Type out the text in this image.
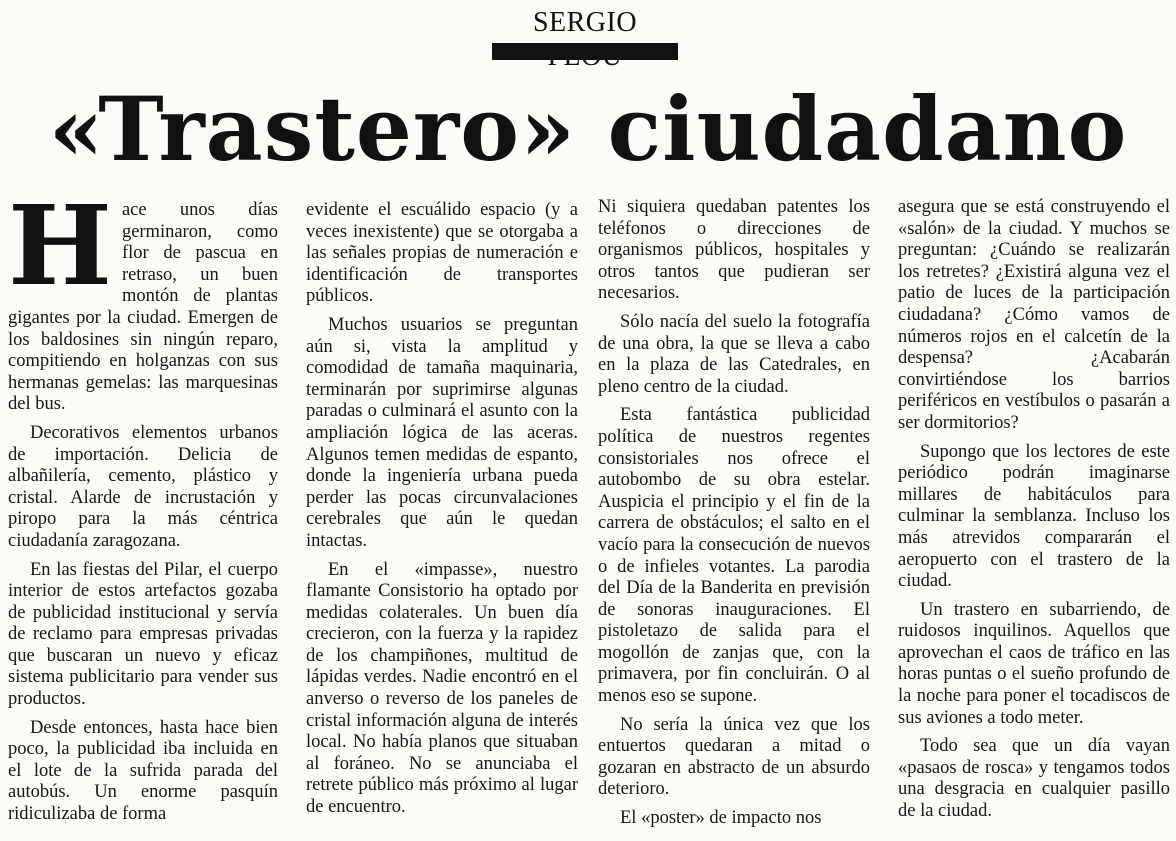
SERGIO
«Trastero» ciudadano

Hace unos días germinaron, como flor de pascua en retraso, un buen montón de plantas gigantes por la ciudad. Emergen de los baldosines sin ningún reparo, compitiendo en holganzas con sus hermanas gemelas: las marquesinas del bus.

Decorativos elementos urbanos de importación. Delicia de albañilería, cemento, plástico y cristal. Alarde de incrustación y piropo para la más céntrica ciudadanía zaragozana.

En las fiestas del Pilar, el cuerpo interior de estos artefactos gozaba de publicidad institucional y servía de reclamo para empresas privadas que buscaran un nuevo y eficaz sistema publicitario para vender sus productos.

Desde entonces, hasta hace bien poco, la publicidad iba incluida en el lote de la sufrida parada del autobús. Un enorme pasquín ridiculizaba de forma

evidente el escuálido espacio (y a veces inexistente) que se otorgaba a las señales propias de numeración e identificación de transportes públicos.

Muchos usuarios se preguntan aún si, vista la amplitud y comodidad de tamaña maquinaria, terminarán por suprimirse algunas paradas o culminará el asunto con la ampliación lógica de las aceras. Algunos temen medidas de espanto, donde la ingeniería urbana pueda perder las pocas circunvalaciones cerebrales que aún le quedan intactas.

En el «impasse», nuestro flamante Consistorio ha optado por medidas colaterales. Un buen día crecieron, con la fuerza y la rapidez de los champiñones, multitud de lápidas verdes. Nadie encontró en el anverso o reverso de los paneles de cristal información alguna de interés local. No había planos que situaban al foráneo. No se anunciaba el retrete público más próximo al lugar de encuentro.

Ni siquiera quedaban patentes los teléfonos o direcciones de organismos públicos, hospitales y otros tantos que pudieran ser necesarios.

Sólo nacía del suelo la fotografía de una obra, la que se lleva a cabo en la plaza de las Catedrales, en pleno centro de la ciudad.

Esta fantástica publicidad política de nuestros regentes consistoriales nos ofrece el autobombo de su obra estelar. Auspicia el principio y el fin de la carrera de obstáculos; el salto en el vacío para la consecución de nuevos o de infieles votantes. La parodia del Día de la Banderita en previsión de sonoras inauguraciones. El pistoletazo de salida para el mogollón de zanjas que, con la primavera, por fin concluirán. O al menos eso se supone.

No sería la única vez que los entuertos quedaran a mitad o gozaran en abstracto de un absurdo deterioro.

El «poster» de impacto nos

asegura que se está construyendo el «salón» de la ciudad. Y muchos se preguntan: ¿Cuándo se realizarán los retretes? ¿Existirá alguna vez el patio de luces de la participación ciudadana? ¿Cómo vamos de números rojos en el calcetín de la despensa? ¿Acabarán convirtiéndose los barrios periféricos en vestíbulos o pasarán a ser dormitorios?

Supongo que los lectores de este periódico podrán imaginarse millares de habitáculos para culminar la semblanza. Incluso los más atrevidos compararán el aeropuerto con el trastero de la ciudad.

Un trastero en subarriendo, de ruidosos inquilinos. Aquellos que aprovechan el caos de tráfico en las horas puntas o el sueño profundo de la noche para poner el tocadiscos de sus aviones a todo meter.

Todo sea que un día vayan «pasaos de rosca» y tengamos todos una desgracia en cualquier pasillo de la ciudad.
